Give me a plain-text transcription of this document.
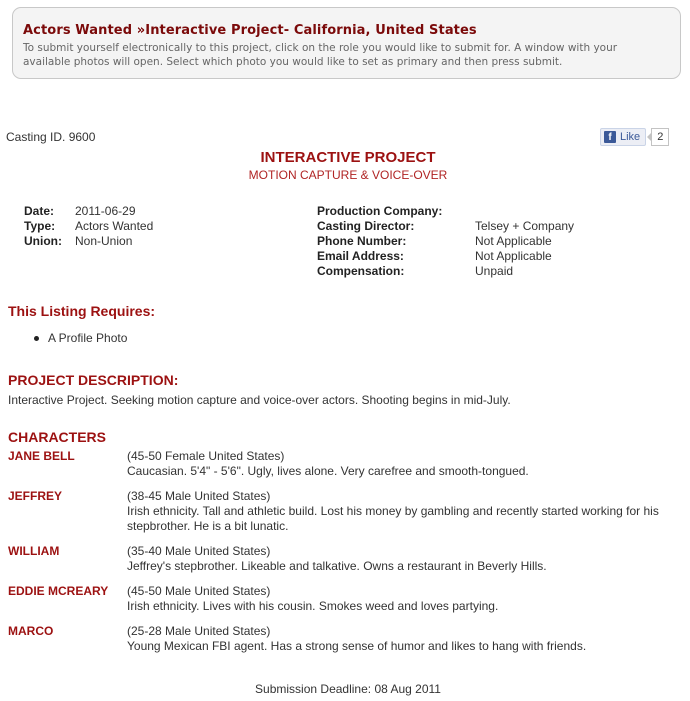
Actors Wanted »Interactive Project- California, United States
To submit yourself electronically to this project, click on the role you would like to submit for. A window with your available photos will open. Select which photo you would like to set as primary and then press submit.
Casting ID. 9600	f Like	2
INTERACTIVE PROJECT
MOTION CAPTURE & VOICE-OVER
Date: 2011-06-29
Type: Actors Wanted
Union: Non-Union
Production Company:
Casting Director:	Telsey + Company
Phone Number:	Not Applicable
Email Address:	Not Applicable
Compensation:	Unpaid
This Listing Requires:
A Profile Photo
PROJECT DESCRIPTION:
Interactive Project. Seeking motion capture and voice-over actors. Shooting begins in mid-July.
CHARACTERS
JANE BELL	(45-50 Female United States)
Caucasian. 5'4" - 5'6". Ugly, lives alone. Very carefree and smooth-tongued.
JEFFREY	(38-45 Male United States)
Irish ethnicity. Tall and athletic build. Lost his money by gambling and recently started working for his stepbrother. He is a bit lunatic.
WILLIAM	(35-40 Male United States)
Jeffrey's stepbrother. Likeable and talkative. Owns a restaurant in Beverly Hills.
EDDIE MCREARY (45-50 Male United States)
Irish ethnicity. Lives with his cousin. Smokes weed and loves partying.
MARCO	(25-28 Male United States)
Young Mexican FBI agent. Has a strong sense of humor and likes to hang with friends.
Submission Deadline: 08 Aug 2011
